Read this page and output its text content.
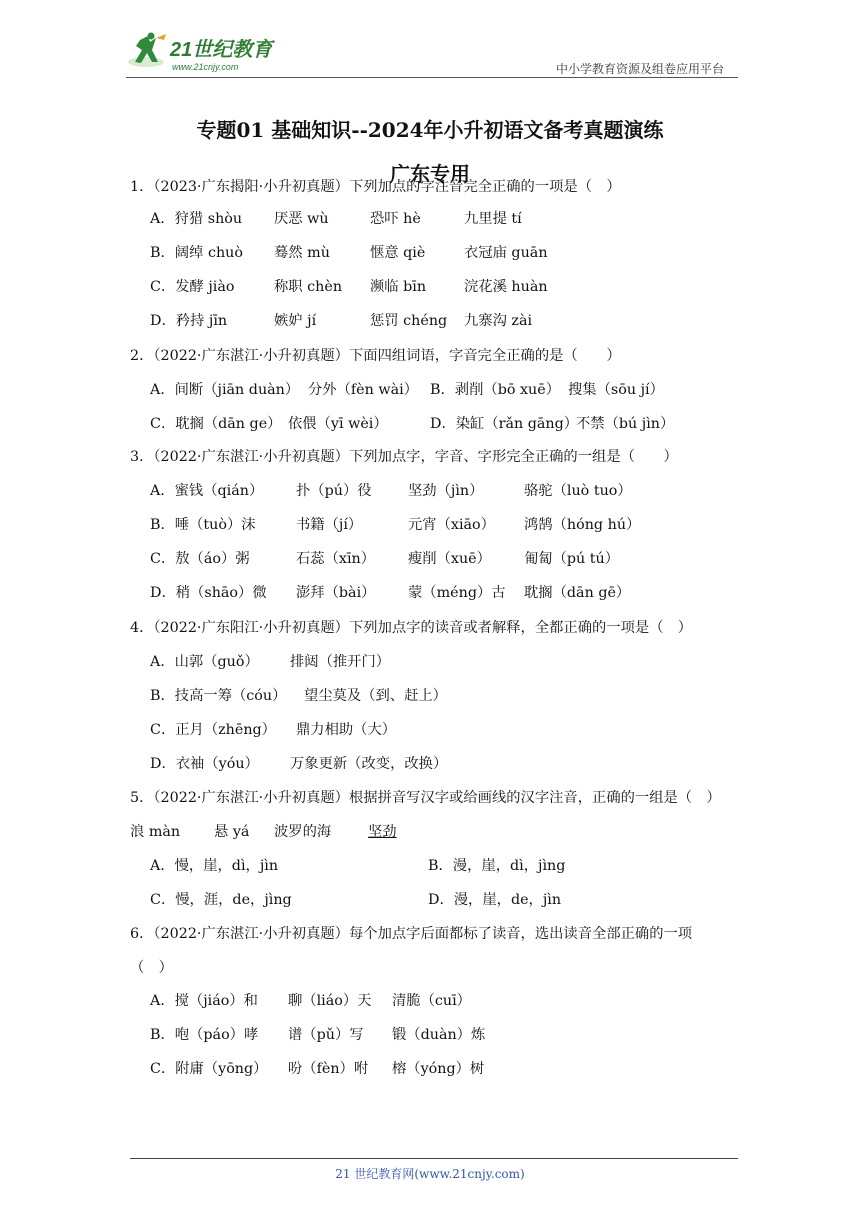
21世纪教育
www.21cnjy.com	中小学教育资源及组卷应用平台
专题01 基础知识--2024年小升初语文备考真题演练
广东专用
1．（2023·广东揭阳·小升初真题）下列加点的字注音完全正确的一项是（　）
A．狩猎 shòu 厌恶 wù	恐吓 hè	九里提 tí
B．阔绰 chuò 蓦然 mù	惬意 qiè	衣冠庙 guān
C．发酵 jiào	称职 chèn 濒临 bīn	浣花溪 huàn
D．矜持 jīn	嫉妒 jí	惩罚 chéng 九寨沟 zài
2．（2022·广东湛江·小升初真题）下面四组词语，字音完全正确的是（　　）
A．间断（jiān duàn） 分外（fèn wài） B．剥削（bō xuē） 搜集（sōu jí）
C．耽搁（dān ge） 依偎（yī wèi）	D．染缸（rǎn gāng）不禁（bú jìn）
3．（2022·广东湛江·小升初真题）下列加点字，字音、字形完全正确的一组是（　　）
A．蜜钱（qián） 扑（pú）役	坚劲（jìn）	骆驼（luò tuo）
B．唾（tuò）沫	书籍（jí）	元宵（xiāo） 鸿鹄（hóng hú）
C．敖（áo）粥	石蕊（xīn） 瘦削（xuē） 匍匐（pú tú）
D．稍（shāo）微 澎拜（bài） 蒙（méng）古 耽搁（dān gē）
4．（2022·广东阳江·小升初真题）下列加点字的读音或者解释，全都正确的一项是（　）
A．山郭（guǒ） 排闼（推开门）
B．技高一筹（cóu） 望尘莫及（到、赶上）
C．正月（zhēng） 鼎力相助（大）
D．衣袖（yóu） 万象更新（改变，改换）
5．（2022·广东湛江·小升初真题）根据拼音写汉字或给画线的汉字注音，正确的一组是（　）
浪 màn 悬 yá 波罗的海	坚劲
A．慢，崖，dì，jìn	B．漫，崖，dì，jìng
C．慢，涯，de，jìng	D．漫，崖，de，jìn
6．（2022·广东湛江·小升初真题）每个加点字后面都标了读音，选出读音全部正确的一项
（　）
A．搅（jiáo）和 聊（liáo）天 清脆（cuī）
B．咆（páo）哮 谱（pǔ）写 锻（duàn）炼
C．附庸（yōng） 吩（fèn）咐 榕（yóng）树
21 世纪教育网(www.21cnjy.com)
